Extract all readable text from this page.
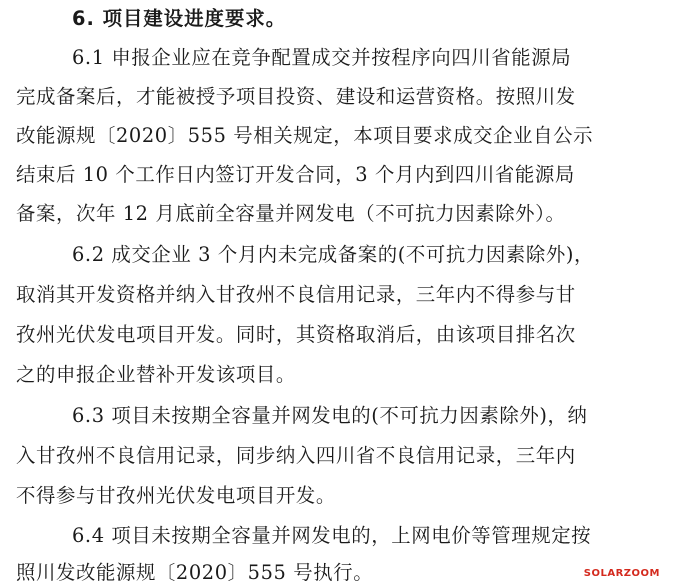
6. 项目建设进度要求。
6.1 申报企业应在竞争配置成交并按程序向四川省能源局
完成备案后，才能被授予项目投资、建设和运营资格。按照川发
改能源规〔2020〕555 号相关规定，本项目要求成交企业自公示
结束后 10 个工作日内签订开发合同，3 个月内到四川省能源局
备案，次年 12 月底前全容量并网发电（不可抗力因素除外）。
6.2 成交企业 3 个月内未完成备案的(不可抗力因素除外)，
取消其开发资格并纳入甘孜州不良信用记录，三年内不得参与甘
孜州光伏发电项目开发。同时，其资格取消后，由该项目排名次
之的申报企业替补开发该项目。
6.3 项目未按期全容量并网发电的(不可抗力因素除外)，纳
入甘孜州不良信用记录，同步纳入四川省不良信用记录，三年内
不得参与甘孜州光伏发电项目开发。
6.4 项目未按期全容量并网发电的，上网电价等管理规定按
照川发改能源规〔2020〕555 号执行。	SOLARZOOM
